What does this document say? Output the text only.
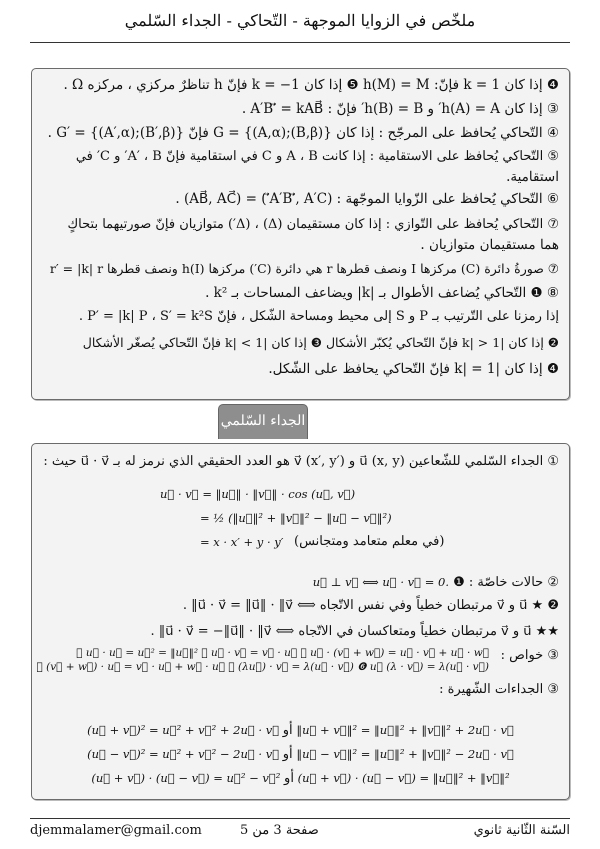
ملخّص في الزوايا الموجهة - التّحاكي - الجداء السّلمي
❹ إذا كان k = 1 فإنّ: h(M) = M ❺ إذا كان k = −1 فإنّ h تناظرٌ مركزي ، مركزه Ω .
③ إذا كان h(A) = A′ و h(B) = B′ فإنّ : A′B′⃗ = kAB⃗ .
④ التّحاكي يُحافظ على المرجّح : إذا كان G = {(A,α);(B,β)} فإنّ G′ = {(A′,α);(B′,β)} .
⑤ التّحاكي يُحافظ على الاستقامية : إذا كانت A ، B و C في استقامية فإنّ A′ ، B′ و C′ في
استقامية.
⑥ التّحاكي يُحافظ على الزّوايا الموجّهة : (A′B′⃗, A′C′⃗) = (AB⃗, AC⃗) .
⑦ التّحاكي يُحافظ على التّوازي : إذا كان مستقيمان (Δ) ، (Δ′) متوازيان فإنّ صورتيهما بتحاكٍ
هما مستقيمان متوازيان .
⑦ صورةُ دائرة (C) مركزها I ونصف قطرها r هي دائرة (C′) مركزها h(I) ونصف قطرها r′ = |k| r
⑧ ❶ التّحاكي يُضاعف الأطوال بـ |k| ويضاعف المساحات بـ k² .
إذا رمزنا على التّرتيب بـ P و S إلى محيط ومساحة الشّكل ، فإنّ P′ = |k| P ، S′ = k²S .
❷ إذا كان |k| > 1 فإنّ التّحاكي يُكبّر الأشكال ❸ إذا كان |k| < 1 فإنّ التّحاكي يُصغّر الأشكال
❹ إذا كان |k| = 1 فإنّ التّحاكي يحافظ على الشّكل.
الجداء السّلمي
① الجداء السّلمي للشّعاعين u⃗ (x, y) و v⃗ (x′, y′) هو العدد الحقيقي الذي نرمز له بـ u⃗ · v⃗ حيث :
u⃗ · v⃗ = ‖u⃗‖ · ‖v⃗‖ · cos (u⃗, v⃗)
= ½ (‖u⃗‖² + ‖v⃗‖² − ‖u⃗ − v⃗‖²)
= x · x′ + y · y′ (في معلم متعامد ومتجانس)
② حالات خاصّة : ❶ u⃗ ⊥ v⃗ ⟺ u⃗ · v⃗ = 0.
❷ ★ u⃗ و v⃗ مرتبطان خطياً وفي نفس الاتّجاه ⟺ u⃗ · v⃗ = ‖u⃗‖ · ‖v⃗‖ .
★★ u⃗ و v⃗ مرتبطان خطياً ومتعاكسان في الاتّجاه ⟺ u⃗ · v⃗ = −‖u⃗‖ · ‖v⃗‖ .
③ خواص :
❶ u⃗ · u⃗ = u⃗² = ‖u⃗‖² ❷ u⃗ · v⃗ = v⃗ · u⃗ ❸ u⃗ · (v⃗ + w⃗) = u⃗ · v⃗ + u⃗ · w⃗
❹ (v⃗ + w⃗) · u⃗ = v⃗ · u⃗ + w⃗ · u⃗ ❺ (λu⃗) · v⃗ = λ(u⃗ · v⃗) ❻ u⃗ (λ · v⃗) = λ(u⃗ · v⃗)
③ الجداءات الشّهيرة :
(u⃗ + v⃗)² = u⃗² + v⃗² + 2u⃗ · v⃗ أو ‖u⃗ + v⃗‖² = ‖u⃗‖² + ‖v⃗‖² + 2u⃗ · v⃗
(u⃗ − v⃗)² = u⃗² + v⃗² − 2u⃗ · v⃗ أو ‖u⃗ − v⃗‖² = ‖u⃗‖² + ‖v⃗‖² − 2u⃗ · v⃗
(u⃗ + v⃗) · (u⃗ − v⃗) = u⃗² − v⃗² أو (u⃗ + v⃗) · (u⃗ − v⃗) = ‖u⃗‖² + ‖v⃗‖²
djemmalamer@gmail.com	صفحة 3 من 5	السّنة الثّانية ثانوي
